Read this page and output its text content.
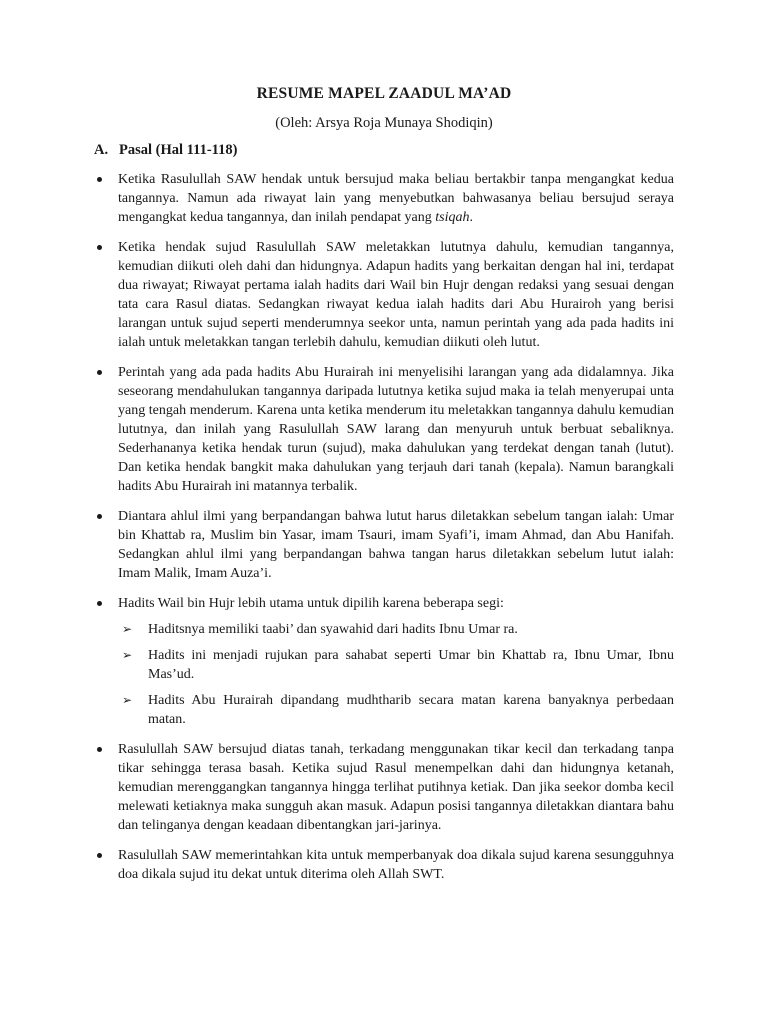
RESUME MAPEL ZAADUL MA’AD

(Oleh: Arsya Roja Munaya Shodiqin)

A. Pasal (Hal 111-118)
Ketika Rasulullah SAW hendak untuk bersujud maka beliau bertakbir tanpa mengangkat kedua tangannya. Namun ada riwayat lain yang menyebutkan bahwasanya beliau bersujud seraya mengangkat kedua tangannya, dan inilah pendapat yang tsiqah.
Ketika hendak sujud Rasulullah SAW meletakkan lututnya dahulu, kemudian tangannya, kemudian diikuti oleh dahi dan hidungnya. Adapun hadits yang berkaitan dengan hal ini, terdapat dua riwayat; Riwayat pertama ialah hadits dari Wail bin Hujr dengan redaksi yang sesuai dengan tata cara Rasul diatas. Sedangkan riwayat kedua ialah hadits dari Abu Hurairoh yang berisi larangan untuk sujud seperti menderumnya seekor unta, namun perintah yang ada pada hadits ini ialah untuk meletakkan tangan terlebih dahulu, kemudian diikuti oleh lutut.
Perintah yang ada pada hadits Abu Hurairah ini menyelisihi larangan yang ada didalamnya. Jika seseorang mendahulukan tangannya daripada lututnya ketika sujud maka ia telah menyerupai unta yang tengah menderum. Karena unta ketika menderum itu meletakkan tangannya dahulu kemudian lututnya, dan inilah yang Rasulullah SAW larang dan menyuruh untuk berbuat sebaliknya. Sederhananya ketika hendak turun (sujud), maka dahulukan yang terdekat dengan tanah (lutut). Dan ketika hendak bangkit maka dahulukan yang terjauh dari tanah (kepala). Namun barangkali hadits Abu Hurairah ini matannya terbalik.
Diantara ahlul ilmi yang berpandangan bahwa lutut harus diletakkan sebelum tangan ialah: Umar bin Khattab ra, Muslim bin Yasar, imam Tsauri, imam Syafi’i, imam Ahmad, dan Abu Hanifah. Sedangkan ahlul ilmi yang berpandangan bahwa tangan harus diletakkan sebelum lutut ialah: Imam Malik, Imam Auza’i.
Hadits Wail bin Hujr lebih utama untuk dipilih karena beberapa segi:
➢ Haditsnya memiliki taabi’ dan syawahid dari hadits Ibnu Umar ra.
➢ Hadits ini menjadi rujukan para sahabat seperti Umar bin Khattab ra, Ibnu Umar, Ibnu Mas’ud.
➢ Hadits Abu Hurairah dipandang mudhtharib secara matan karena banyaknya perbedaan matan.
Rasulullah SAW bersujud diatas tanah, terkadang menggunakan tikar kecil dan terkadang tanpa tikar sehingga terasa basah. Ketika sujud Rasul menempelkan dahi dan hidungnya ketanah, kemudian merenggangkan tangannya hingga terlihat putihnya ketiak. Dan jika seekor domba kecil melewati ketiaknya maka sungguh akan masuk. Adapun posisi tangannya diletakkan diantara bahu dan telinganya dengan keadaan dibentangkan jari-jarinya.
Rasulullah SAW memerintahkan kita untuk memperbanyak doa dikala sujud karena sesungguhnya doa dikala sujud itu dekat untuk diterima oleh Allah SWT.
